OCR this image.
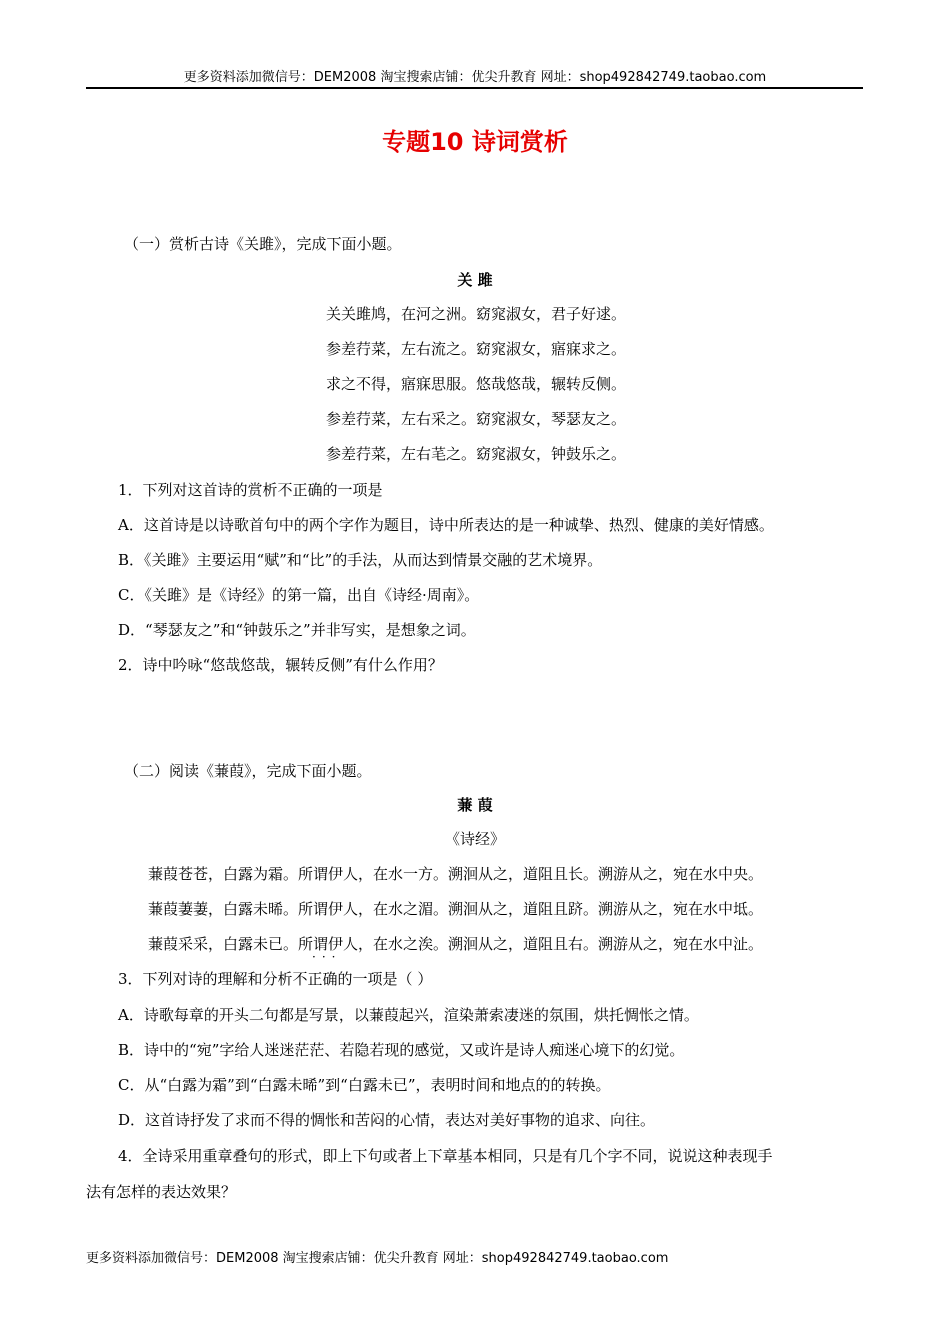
更多资料添加微信号：DEM2008 淘宝搜索店铺：优尖升教育 网址：shop492842749.taobao.com
专题10 诗词赏析
（一）赏析古诗《关雎》，完成下面小题。
关 雎
关关雎鸠，在河之洲。窈窕淑女，君子好逑。
参差荇菜，左右流之。窈窕淑女，寤寐求之。
求之不得，寤寐思服。悠哉悠哉，辗转反侧。
参差荇菜，左右采之。窈窕淑女，琴瑟友之。
参差荇菜，左右芼之。窈窕淑女，钟鼓乐之。
1．下列对这首诗的赏析不正确的一项是
A．这首诗是以诗歌首句中的两个字作为题目，诗中所表达的是一种诚挚、热烈、健康的美好情感。
B．《关雎》主要运用“赋”和“比”的手法，从而达到情景交融的艺术境界。
C．《关雎》是《诗经》的第一篇，出自《诗经·周南》。
D．“琴瑟友之”和“钟鼓乐之”并非写实，是想象之词。
2．诗中吟咏“悠哉悠哉，辗转反侧”有什么作用？
（二）阅读《蒹葭》，完成下面小题。
蒹 葭
《诗经》
蒹葭苍苍，白露为霜。所谓伊人，在水一方。溯洄从之，道阻且长。溯游从之，宛在水中央。
蒹葭萋萋，白露未晞。所谓伊人，在水之湄。溯洄从之，道阻且跻。溯游从之，宛在水中坻。
蒹葭采采，白露未已。所谓伊人，在水之涘。溯洄从之，道阻且右。溯游从之，宛在水中沚。
···
3．下列对诗的理解和分析不正确的一项是（ ）
A．诗歌每章的开头二句都是写景，以蒹葭起兴，渲染萧索凄迷的氛围，烘托惆怅之情。
B．诗中的“宛”字给人迷迷茫茫、若隐若现的感觉，又或许是诗人痴迷心境下的幻觉。
C．从“白露为霜”到“白露未晞”到“白露未已”，表明时间和地点的的转换。
D．这首诗抒发了求而不得的惆怅和苦闷的心情，表达对美好事物的追求、向往。
4．全诗采用重章叠句的形式，即上下句或者上下章基本相同，只是有几个字不同，说说这种表现手
法有怎样的表达效果？
更多资料添加微信号：DEM2008 淘宝搜索店铺：优尖升教育 网址：shop492842749.taobao.com
